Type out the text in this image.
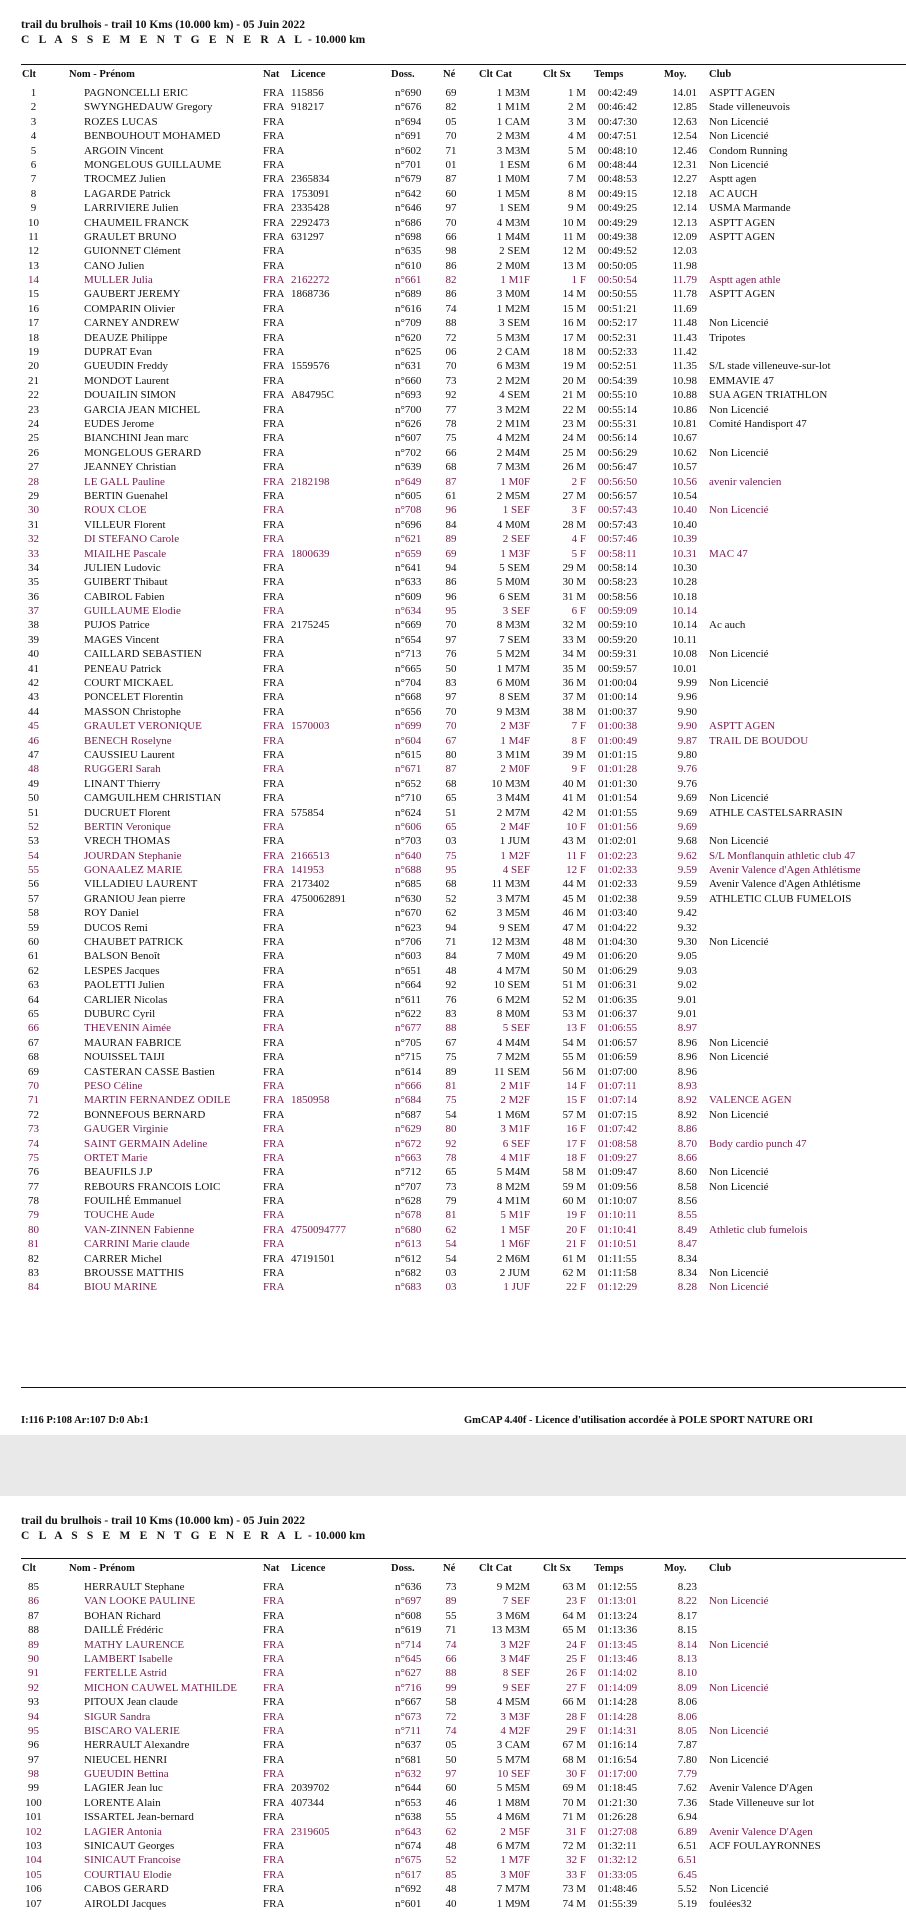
trail du brulhois - trail 10 Kms (10.000 km) - 05 Juin 2022
C L A S S E M E N T G E N E R A L - 10.000 km
Clt	Nom - Prénom	Nat Licence	Doss.	Né Clt Cat	Clt Sx Temps	Moy. Club
1	PAGNONCELLI ERIC	FRA 115856	n°690	69	1 M3M	1 M 00:42:49	14.01 ASPTT AGEN
2	SWYNGHEDAUW Gregory	FRA 918217	n°676	82	1 M1M	2 M 00:46:42	12.85 Stade villeneuvois
3	ROZES LUCAS	FRA	n°694	05	1 CAM	3 M 00:47:30	12.63 Non Licencié
4	BENBOUHOUT MOHAMED	FRA	n°691	70	2 M3M	4 M 00:47:51	12.54 Non Licencié
5	ARGOIN Vincent	FRA	n°602	71	3 M3M	5 M 00:48:10	12.46 Condom Running
6	MONGELOUS GUILLAUME	FRA	n°701	01	1 ESM	6 M 00:48:44	12.31 Non Licencié
7	TROCMEZ Julien	FRA 2365834	n°679	87	1 M0M	7 M 00:48:53	12.27 Asptt agen
8	LAGARDE Patrick	FRA 1753091	n°642	60	1 M5M	8 M 00:49:15	12.18 AC AUCH
9	LARRIVIERE Julien	FRA 2335428	n°646	97	1 SEM	9 M 00:49:25	12.14 USMA Marmande
10	CHAUMEIL FRANCK	FRA 2292473	n°686	70	4 M3M	10 M 00:49:29	12.13 ASPTT AGEN
11	GRAULET BRUNO	FRA 631297	n°698	66	1 M4M	11 M 00:49:38	12.09 ASPTT AGEN
12	GUIONNET Clément	FRA	n°635	98	2 SEM	12 M 00:49:52	12.03
13	CANO Julien	FRA	n°610	86	2 M0M	13 M 00:50:05	11.98
14	MULLER Julia	FRA 2162272	n°661	82	1 M1F	1 F 00:50:54	11.79 Asptt agen athle
15	GAUBERT JEREMY	FRA 1868736	n°689	86	3 M0M	14 M 00:50:55	11.78 ASPTT AGEN
16	COMPARIN Olivier	FRA	n°616	74	1 M2M	15 M 00:51:21	11.69
17	CARNEY ANDREW	FRA	n°709	88	3 SEM	16 M 00:52:17	11.48 Non Licencié
18	DEAUZE Philippe	FRA	n°620	72	5 M3M	17 M 00:52:31	11.43 Tripotes
19	DUPRAT Evan	FRA	n°625	06	2 CAM	18 M 00:52:33	11.42
20	GUEUDIN Freddy	FRA 1559576	n°631	70	6 M3M	19 M 00:52:51	11.35 S/L stade villeneuve-sur-lot
21	MONDOT Laurent	FRA	n°660	73	2 M2M	20 M 00:54:39	10.98 EMMAVIE 47
22	DOUAILIN SIMON	FRA A84795C	n°693	92	4 SEM	21 M 00:55:10	10.88 SUA AGEN TRIATHLON
23	GARCIA JEAN MICHEL	FRA	n°700	77	3 M2M	22 M 00:55:14	10.86 Non Licencié
24	EUDES Jerome	FRA	n°626	78	2 M1M	23 M 00:55:31	10.81 Comité Handisport 47
25	BIANCHINI Jean marc	FRA	n°607	75	4 M2M	24 M 00:56:14	10.67
26	MONGELOUS GERARD	FRA	n°702	66	2 M4M	25 M 00:56:29	10.62 Non Licencié
27	JEANNEY Christian	FRA	n°639	68	7 M3M	26 M 00:56:47	10.57
28	LE GALL Pauline	FRA 2182198	n°649	87	1 M0F	2 F 00:56:50	10.56 avenir valencien
29	BERTIN Guenahel	FRA	n°605	61	2 M5M	27 M 00:56:57	10.54
30	ROUX CLOE	FRA	n°708	96	1 SEF	3 F 00:57:43	10.40 Non Licencié
31	VILLEUR Florent	FRA	n°696	84	4 M0M	28 M 00:57:43	10.40
32	DI STEFANO Carole	FRA	n°621	89	2 SEF	4 F 00:57:46	10.39
33	MIAILHE Pascale	FRA 1800639	n°659	69	1 M3F	5 F 00:58:11	10.31 MAC 47
34	JULIEN Ludovic	FRA	n°641	94	5 SEM	29 M 00:58:14	10.30
35	GUIBERT Thibaut	FRA	n°633	86	5 M0M	30 M 00:58:23	10.28
36	CABIROL Fabien	FRA	n°609	96	6 SEM	31 M 00:58:56	10.18
37	GUILLAUME Elodie	FRA	n°634	95	3 SEF	6 F 00:59:09	10.14
38	PUJOS Patrice	FRA 2175245	n°669	70	8 M3M	32 M 00:59:10	10.14 Ac auch
39	MAGES Vincent	FRA	n°654	97	7 SEM	33 M 00:59:20	10.11
40	CAILLARD SEBASTIEN	FRA	n°713	76	5 M2M	34 M 00:59:31	10.08 Non Licencié
41	PENEAU Patrick	FRA	n°665	50	1 M7M	35 M 00:59:57	10.01
42	COURT MICKAEL	FRA	n°704	83	6 M0M	36 M 01:00:04	9.99 Non Licencié
43	PONCELET Florentin	FRA	n°668	97	8 SEM	37 M 01:00:14	9.96
44	MASSON Christophe	FRA	n°656	70	9 M3M	38 M 01:00:37	9.90
45	GRAULET VERONIQUE	FRA 1570003	n°699	70	2 M3F	7 F 01:00:38	9.90 ASPTT AGEN
46	BENECH Roselyne	FRA	n°604	67	1 M4F	8 F 01:00:49	9.87 TRAIL DE BOUDOU
47	CAUSSIEU Laurent	FRA	n°615	80	3 M1M	39 M 01:01:15	9.80
48	RUGGERI Sarah	FRA	n°671	87	2 M0F	9 F 01:01:28	9.76
49	LINANT Thierry	FRA	n°652	68	10 M3M	40 M 01:01:30	9.76
50	CAMGUILHEM CHRISTIAN	FRA	n°710	65	3 M4M	41 M 01:01:54	9.69 Non Licencié
51	DUCRUET Florent	FRA 575854	n°624	51	2 M7M	42 M 01:01:55	9.69 ATHLE CASTELSARRASIN
52	BERTIN Veronique	FRA	n°606	65	2 M4F	10 F 01:01:56	9.69
53	VRECH THOMAS	FRA	n°703	03	1 JUM	43 M 01:02:01	9.68 Non Licencié
54	JOURDAN Stephanie	FRA 2166513	n°640	75	1 M2F	11 F 01:02:23	9.62 S/L Monflanquin athletic club 47
55	GONAALEZ MARIE	FRA 141953	n°688	95	4 SEF	12 F 01:02:33	9.59 Avenir Valence d'Agen Athlétisme
56	VILLADIEU LAURENT	FRA 2173402	n°685	68	11 M3M	44 M 01:02:33	9.59 Avenir Valence d'Agen Athlétisme
57	GRANIOU Jean pierre	FRA 4750062891	n°630	52	3 M7M	45 M 01:02:38	9.59 ATHLETIC CLUB FUMELOIS
58	ROY Daniel	FRA	n°670	62	3 M5M	46 M 01:03:40	9.42
59	DUCOS Remi	FRA	n°623	94	9 SEM	47 M 01:04:22	9.32
60	CHAUBET PATRICK	FRA	n°706	71	12 M3M	48 M 01:04:30	9.30 Non Licencié
61	BALSON Benoît	FRA	n°603	84	7 M0M	49 M 01:06:20	9.05
62	LESPES Jacques	FRA	n°651	48	4 M7M	50 M 01:06:29	9.03
63	PAOLETTI Julien	FRA	n°664	92	10 SEM	51 M 01:06:31	9.02
64	CARLIER Nicolas	FRA	n°611	76	6 M2M	52 M 01:06:35	9.01
65	DUBURC Cyril	FRA	n°622	83	8 M0M	53 M 01:06:37	9.01
66	THEVENIN Aimée	FRA	n°677	88	5 SEF	13 F 01:06:55	8.97
67	MAURAN FABRICE	FRA	n°705	67	4 M4M	54 M 01:06:57	8.96 Non Licencié
68	NOUISSEL TAIJI	FRA	n°715	75	7 M2M	55 M 01:06:59	8.96 Non Licencié
69	CASTERAN CASSE Bastien	FRA	n°614	89	11 SEM	56 M 01:07:00	8.96
70	PESO Céline	FRA	n°666	81	2 M1F	14 F 01:07:11	8.93
71	MARTIN FERNANDEZ ODILE	FRA 1850958	n°684	75	2 M2F	15 F 01:07:14	8.92 VALENCE AGEN
72	BONNEFOUS BERNARD	FRA	n°687	54	1 M6M	57 M 01:07:15	8.92 Non Licencié
73	GAUGER Virginie	FRA	n°629	80	3 M1F	16 F 01:07:42	8.86
74	SAINT GERMAIN Adeline	FRA	n°672	92	6 SEF	17 F 01:08:58	8.70 Body cardio punch 47
75	ORTET Marie	FRA	n°663	78	4 M1F	18 F 01:09:27	8.66
76	BEAUFILS J.P	FRA	n°712	65	5 M4M	58 M 01:09:47	8.60 Non Licencié
77	REBOURS FRANCOIS LOIC	FRA	n°707	73	8 M2M	59 M 01:09:56	8.58 Non Licencié
78	FOUILHÉ Emmanuel	FRA	n°628	79	4 M1M	60 M 01:10:07	8.56
79	TOUCHE Aude	FRA	n°678	81	5 M1F	19 F 01:10:11	8.55
80	VAN-ZINNEN Fabienne	FRA 4750094777	n°680	62	1 M5F	20 F 01:10:41	8.49 Athletic club fumelois
81	CARRINI Marie claude	FRA	n°613	54	1 M6F	21 F 01:10:51	8.47
82	CARRER Michel	FRA 47191501	n°612	54	2 M6M	61 M 01:11:55	8.34
83	BROUSSE MATTHIS	FRA	n°682	03	2 JUM	62 M 01:11:58	8.34 Non Licencié
84	BIOU MARINE	FRA	n°683	03	1 JUF	22 F 01:12:29	8.28 Non Licencié
I:116 P:108 Ar:107 D:0 Ab:1	GmCAP 4.40f - Licence d'utilisation accordée à POLE SPORT NATURE ORI
trail du brulhois - trail 10 Kms (10.000 km) - 05 Juin 2022
C L A S S E M E N T G E N E R A L - 10.000 km
Clt	Nom - Prénom	Nat Licence	Doss.	Né Clt Cat	Clt Sx Temps	Moy. Club
85	HERRAULT Stephane	FRA	n°636	73	9 M2M	63 M 01:12:55	8.23
86	VAN LOOKE PAULINE	FRA	n°697	89	7 SEF	23 F 01:13:01	8.22 Non Licencié
87	BOHAN Richard	FRA	n°608	55	3 M6M	64 M 01:13:24	8.17
88	DAILLÉ Frédéric	FRA	n°619	71	13 M3M	65 M 01:13:36	8.15
89	MATHY LAURENCE	FRA	n°714	74	3 M2F	24 F 01:13:45	8.14 Non Licencié
90	LAMBERT Isabelle	FRA	n°645	66	3 M4F	25 F 01:13:46	8.13
91	FERTELLE Astrid	FRA	n°627	88	8 SEF	26 F 01:14:02	8.10
92	MICHON CAUWEL MATHILDE	FRA	n°716	99	9 SEF	27 F 01:14:09	8.09 Non Licencié
93	PITOUX Jean claude	FRA	n°667	58	4 M5M	66 M 01:14:28	8.06
94	SIGUR Sandra	FRA	n°673	72	3 M3F	28 F 01:14:28	8.06
95	BISCARO VALERIE	FRA	n°711	74	4 M2F	29 F 01:14:31	8.05 Non Licencié
96	HERRAULT Alexandre	FRA	n°637	05	3 CAM	67 M 01:16:14	7.87
97	NIEUCEL HENRI	FRA	n°681	50	5 M7M	68 M 01:16:54	7.80 Non Licencié
98	GUEUDIN Bettina	FRA	n°632	97	10 SEF	30 F 01:17:00	7.79
99	LAGIER Jean luc	FRA 2039702	n°644	60	5 M5M	69 M 01:18:45	7.62 Avenir Valence D'Agen
100	LORENTE Alain	FRA 407344	n°653	46	1 M8M	70 M 01:21:30	7.36 Stade Villeneuve sur lot
101	ISSARTEL Jean-bernard	FRA	n°638	55	4 M6M	71 M 01:26:28	6.94
102	LAGIER Antonia	FRA 2319605	n°643	62	2 M5F	31 F 01:27:08	6.89 Avenir Valence D'Agen
103	SINICAUT Georges	FRA	n°674	48	6 M7M	72 M 01:32:11	6.51 ACF FOULAYRONNES
104	SINICAUT Francoise	FRA	n°675	52	1 M7F	32 F 01:32:12	6.51
105	COURTIAU Elodie	FRA	n°617	85	3 M0F	33 F 01:33:05	6.45
106	CABOS GERARD	FRA	n°692	48	7 M7M	73 M 01:48:46	5.52 Non Licencié
107	AIROLDI Jacques	FRA	n°601	40	1 M9M	74 M 01:55:39	5.19 foulées32
